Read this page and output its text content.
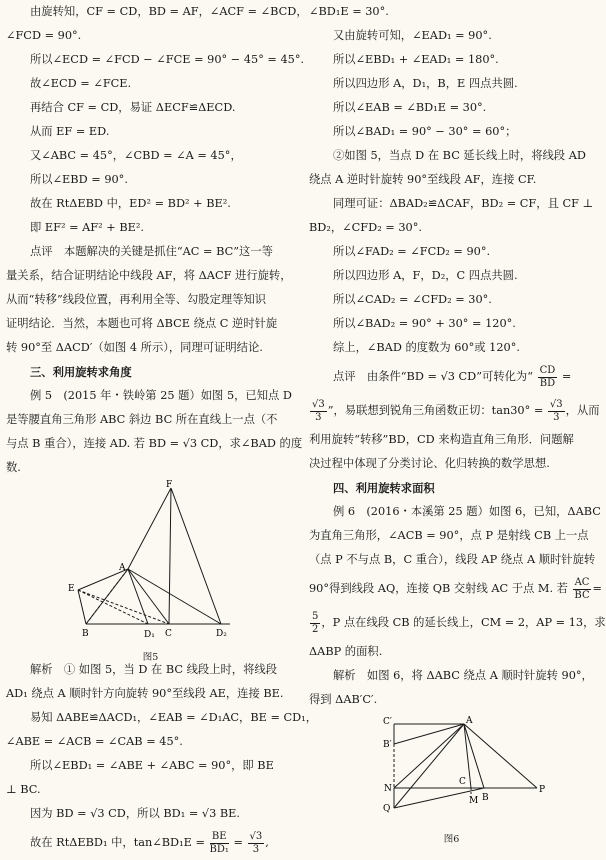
由旋转知，CF = CD，BD = AF，∠ACF = ∠BCD，
∠FCD = 90°.
所以∠ECD = ∠FCD − ∠FCE = 90° − 45° = 45°.
故∠ECD = ∠FCE.
再结合 CF = CD，易证 ΔECF≌ΔECD.
从而 EF = ED.
又∠ABC = 45°，∠CBD = ∠A = 45°，
所以∠EBD = 90°.
故在 RtΔEBD 中，ED² = BD² + BE².
即 EF² = AF² + BE².
点评　本题解决的关键是抓住“AC = BC”这一等
量关系，结合证明结论中线段 AF，将 ΔACF 进行旋转，
从而“转移”线段位置，再利用全等、勾股定理等知识
证明结论．当然，本题也可将 ΔBCE 绕点 C 逆时针旋
转 90°至 ΔACD′（如图 4 所示），同理可证明结论.
三、利用旋转求角度
例 5　(2015 年・铁岭第 25 题）如图 5，已知点 D
是等腰直角三角形 ABC 斜边 BC 所在直线上一点（不
与点 B 重合），连接 AD. 若 BD = √3 CD，求∠BAD 的度
数.
F
A
E
B	D₁ C	D₂
图5
解析　① 如图 5，当 D 在 BC 线段上时，将线段
AD₁ 绕点 A 顺时针方向旋转 90°至线段 AE，连接 BE.
易知 ΔABE≌ΔACD₁，∠EAB = ∠D₁AC，BE = CD₁，
∠ABE = ∠ACB = ∠CAB = 45°.
所以∠EBD₁ = ∠ABE + ∠ABC = 90°，即 BE
⊥ BC.
因为 BD = √3 CD，所以 BD₁ = √3 BE.
故在 RtΔEBD₁ 中，tan∠BD₁E = $\frac{BE}{\text{BD₁}} = \frac{√3}{3}$ ,
∠BD₁E = 30°.
又由旋转可知，∠EAD₁ = 90°.
所以∠EBD₁ + ∠EAD₁ = 180°.
所以四边形 A，D₁，B，E 四点共圆.
所以∠EAB = ∠BD₁E = 30°.
所以∠BAD₁ = 90° − 30° = 60°；
②如图 5，当点 D 在 BC 延长线上时，将线段 AD
绕点 A 逆时针旋转 90°至线段 AF，连接 CF.
同理可证：ΔBAD₂≌ΔCAF，BD₂ = CF，且 CF ⊥
BD₂，∠CFD₂ = 30°.
所以∠FAD₂ = ∠FCD₂ = 90°.
所以四边形 A，F，D₂，C 四点共圆.
所以∠CAD₂ = ∠CFD₂ = 30°.
所以∠BAD₂ = 90° + 30° = 120°.
综上，∠BAD 的度数为 60°或 120°.
点评　由条件“BD = √3 CD”可转化为“ $\frac{CD}{BD}$ =
$\frac{√3}{3}$ ”，易联想到锐角三角函数正切：$\tan 30^\circ = \frac{√3}{3}$ ，从而
利用旋转“转移”BD，CD 来构造直角三角形．问题解
决过程中体现了分类讨论、化归转换的数学思想.
四、利用旋转求面积
例 6　(2016・本溪第 25 题）如图 6，已知，ΔABC
为直角三角形，∠ACB = 90°，点 P 是射线 CB 上一点
（点 P 不与点 B，C 重合），线段 AP 绕点 A 顺时针旋转
90°得到线段 AQ，连接 QB 交射线 AC 于点 M. 若 $\frac{AC}{BC}$ =
$\frac{5}{2}$ ，P 点在线段 CB 的延长线上，CM = 2，AP = 13，求
ΔABP 的面积.
解析　如图 6，将 ΔABC 绕点 A 顺时针旋转 90°，
得到 ΔAB′C′.
C′	A
B′
N
C
Q
M B
P
图6
